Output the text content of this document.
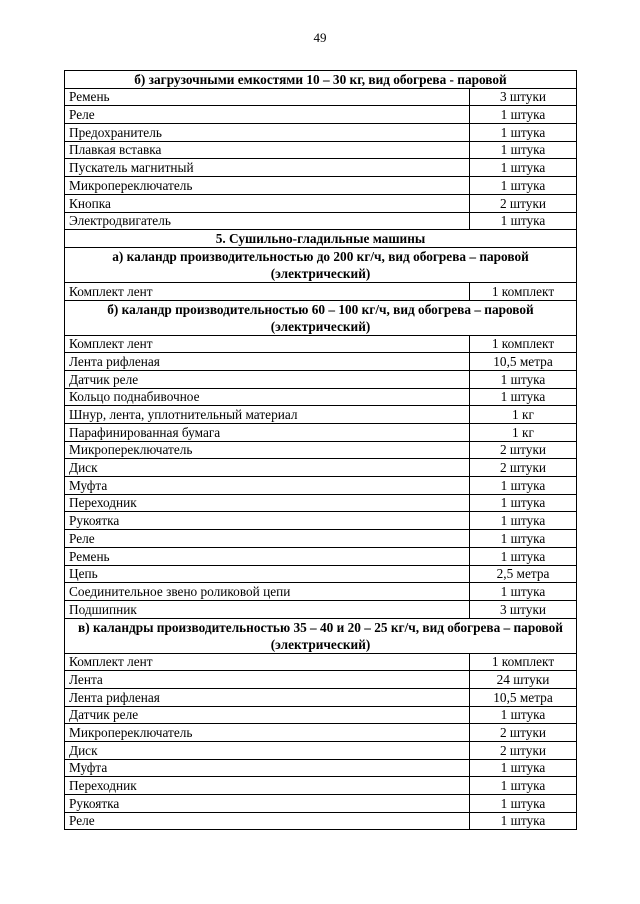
49
б) загрузочными емкостями 10 – 30 кг, вид обогрева - паровой	
Ремень	3 штуки
Реле	1 штука
Предохранитель	1 штука
Плавкая вставка	1 штука
Пускатель магнитный	1 штука
Микропереключатель	1 штука
Кнопка	2 штуки
Электродвигатель	1 штука
5. Сушильно-гладильные машины	
а) каландр производительностью до 200 кг/ч, вид обогрева – паровой (электрический)	
Комплект лент	1 комплект
б) каландр производительностью 60 – 100 кг/ч, вид обогрева – паровой (электрический)	
Комплект лент	1 комплект
Лента рифленая	10,5 метра
Датчик реле	1 штука
Кольцо поднабивочное	1 штука
Шнур, лента, уплотнительный материал	1 кг
Парафинированная бумага	1 кг
Микропереключатель	2 штуки
Диск	2 штуки
Муфта	1 штука
Переходник	1 штука
Рукоятка	1 штука
Реле	1 штука
Ремень	1 штука
Цепь	2,5 метра
Соединительное звено роликовой цепи	1 штука
Подшипник	3 штуки
в) каландры производительностью 35 – 40 и 20 – 25 кг/ч, вид обогрева – паровой (электрический)	
Комплект лент	1 комплект
Лента	24 штуки
Лента рифленая	10,5 метра
Датчик реле	1 штука
Микропереключатель	2 штуки
Диск	2 штуки
Муфта	1 штука
Переходник	1 штука
Рукоятка	1 штука
Реле	1 штука
